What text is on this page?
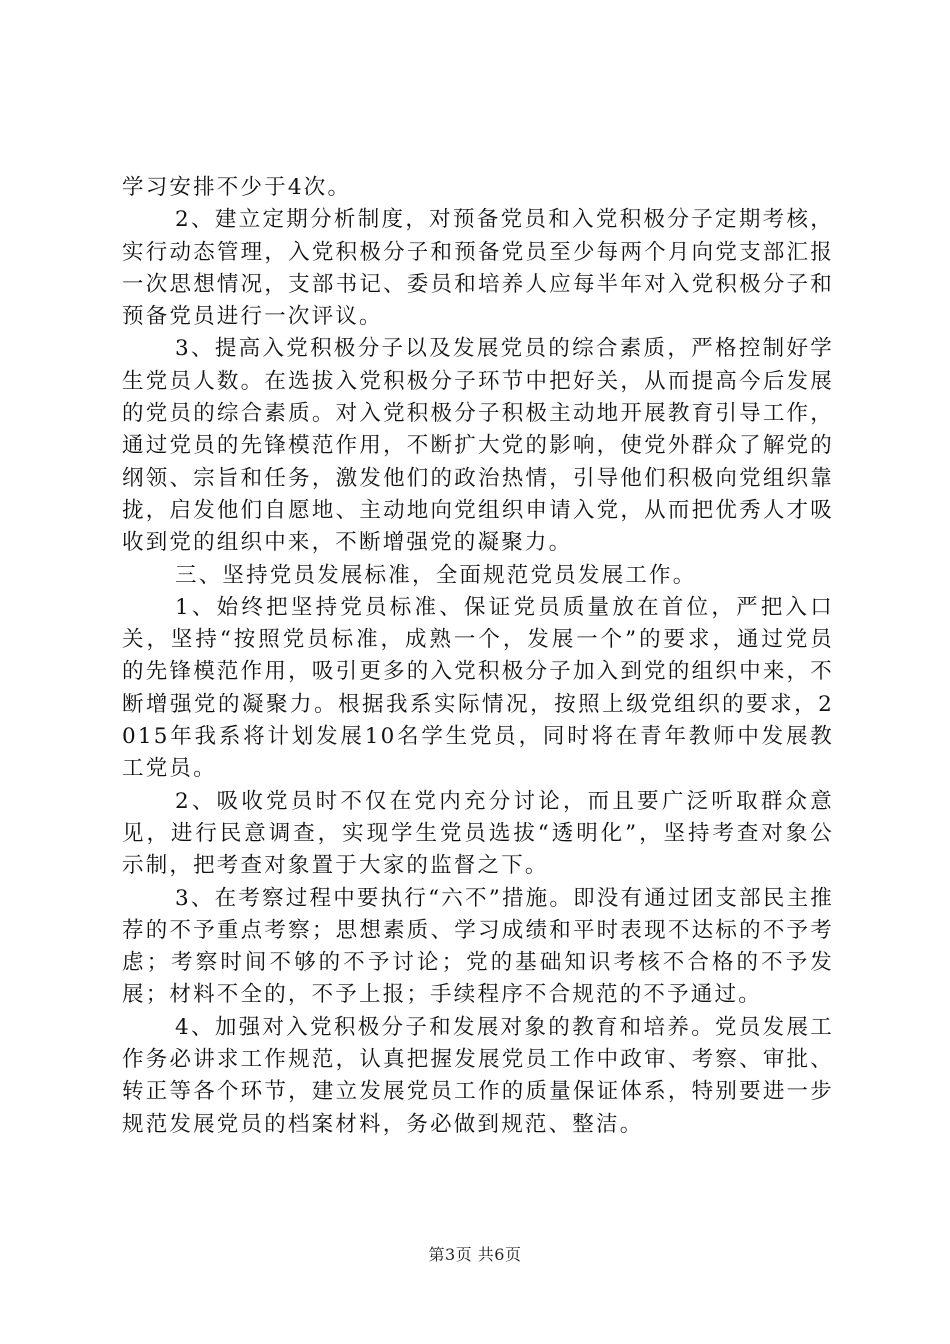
学习安排不少于4次。

2、建立定期分析制度，对预备党员和入党积极分子定期考核，实行动态管理，入党积极分子和预备党员至少每两个月向党支部汇报一次思想情况，支部书记、委员和培养人应每半年对入党积极分子和预备党员进行一次评议。

3、提高入党积极分子以及发展党员的综合素质，严格控制好学生党员人数。在选拔入党积极分子环节中把好关，从而提高今后发展的党员的综合素质。对入党积极分子积极主动地开展教育引导工作，通过党员的先锋模范作用，不断扩大党的影响，使党外群众了解党的纲领、宗旨和任务，激发他们的政治热情，引导他们积极向党组织靠拢，启发他们自愿地、主动地向党组织申请入党，从而把优秀人才吸收到党的组织中来，不断增强党的凝聚力。

三、坚持党员发展标准，全面规范党员发展工作。

1、始终把坚持党员标准、保证党员质量放在首位，严把入口关，坚持“按照党员标准，成熟一个，发展一个”的要求，通过党员的先锋模范作用，吸引更多的入党积极分子加入到党的组织中来，不断增强党的凝聚力。根据我系实际情况，按照上级党组织的要求，2015年我系将计划发展10名学生党员，同时将在青年教师中发展教工党员。

2、吸收党员时不仅在党内充分讨论，而且要广泛听取群众意见，进行民意调查，实现学生党员选拔“透明化”，坚持考查对象公示制，把考查对象置于大家的监督之下。

3、在考察过程中要执行“六不”措施。即没有通过团支部民主推荐的不予重点考察；思想素质、学习成绩和平时表现不达标的不予考虑；考察时间不够的不予讨论；党的基础知识考核不合格的不予发展；材料不全的，不予上报；手续程序不合规范的不予通过。

4、加强对入党积极分子和发展对象的教育和培养。党员发展工作务必讲求工作规范，认真把握发展党员工作中政审、考察、审批、转正等各个环节，建立发展党员工作的质量保证体系，特别要进一步规范发展党员的档案材料，务必做到规范、整洁。

第3页 共6页
